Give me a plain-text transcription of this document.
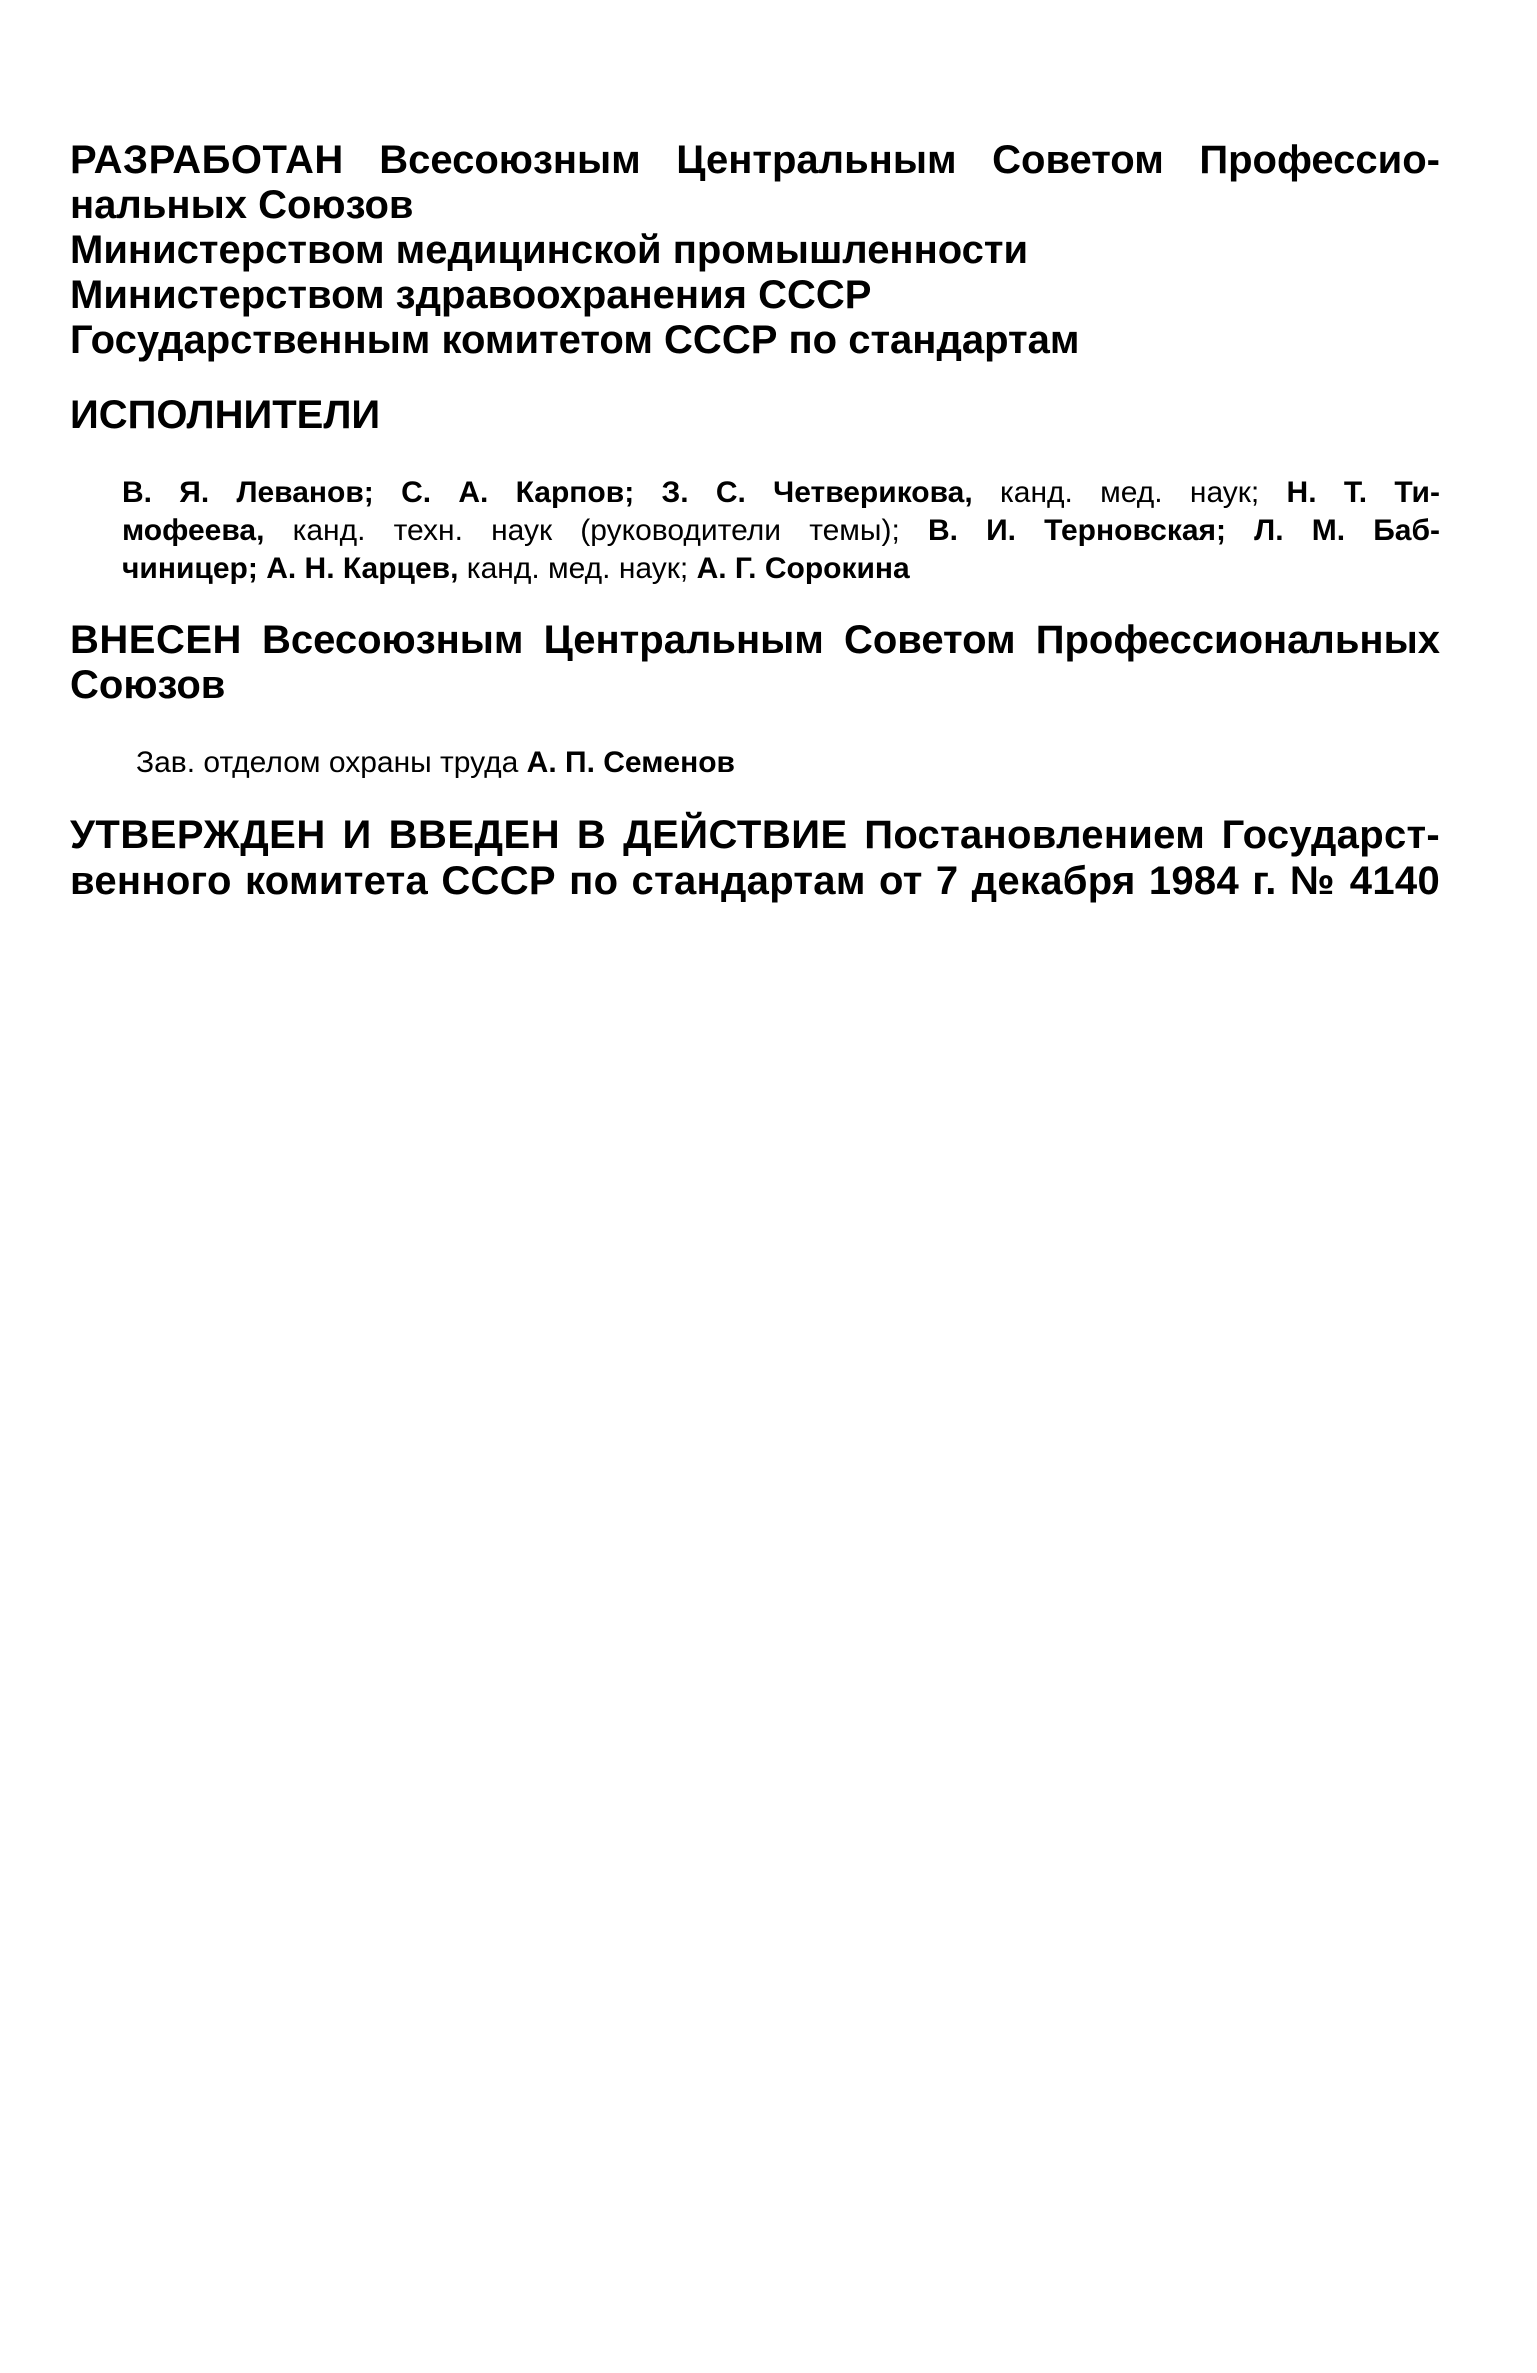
РАЗРАБОТАН Всесоюзным Центральным Советом Профессио-
нальных Союзов
Министерством медицинской промышленности
Министерством здравоохранения СССР
Государственным комитетом СССР по стандартам
ИСПОЛНИТЕЛИ
В. Я. Леванов; С. А. Карпов; З. С. Четверикова, канд. мед. наук; Н. Т. Ти-
мофеева, канд. техн. наук (руководители темы); В. И. Терновская; Л. М. Баб-
чиницер; А. Н. Карцев, канд. мед. наук; А. Г. Сорокина
ВНЕСЕН Всесоюзным Центральным Советом Профессиональных
Союзов
Зав. отделом охраны труда А. П. Семенов
УТВЕРЖДЕН И ВВЕДЕН В ДЕЙСТВИЕ Постановлением Государст-
венного комитета СССР по стандартам от 7 декабря 1984 г. № 4140
